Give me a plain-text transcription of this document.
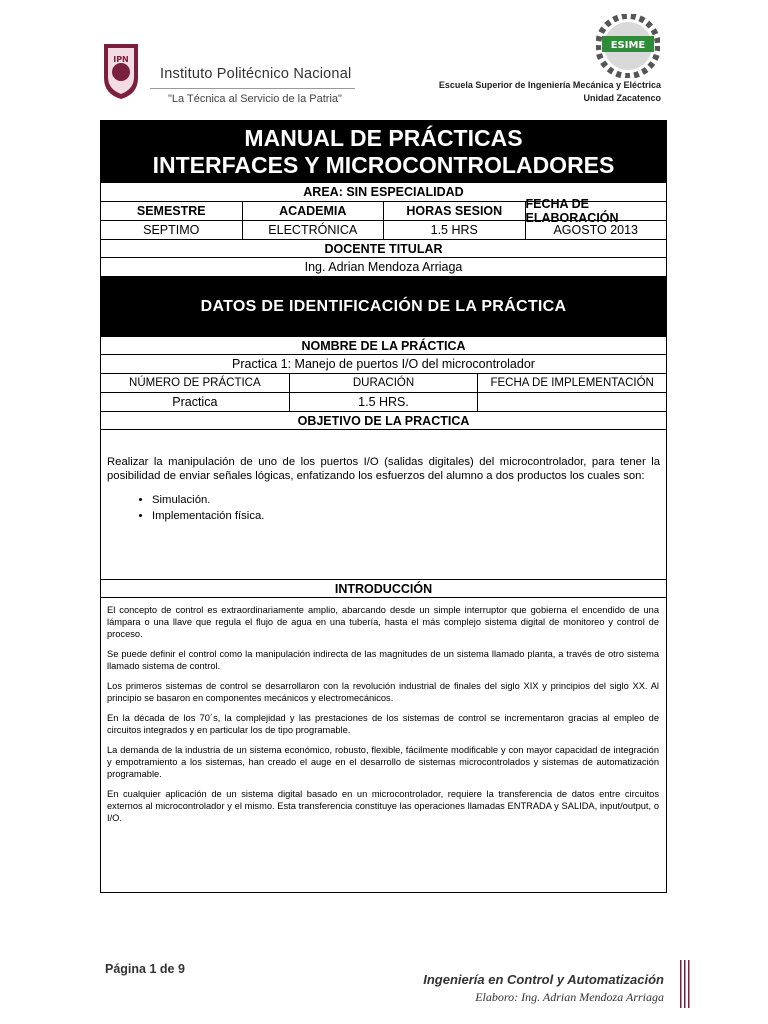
IPN
Instituto Politécnico Nacional
"La Técnica al Servicio de la Patria"
ESIME
Escuela Superior de Ingeniería Mecánica y Eléctrica
Unidad Zacatenco
MANUAL DE PRÁCTICAS
INTERFACES Y MICROCONTROLADORES
AREA: SIN ESPECIALIDAD
SEMESTRE	ACADEMIA	HORAS SESION	FECHA DE ELABORACIÓN
SEPTIMO	ELECTRÓNICA	1.5 HRS	AGOSTO 2013
DOCENTE TITULAR
Ing. Adrian Mendoza Arriaga
DATOS DE IDENTIFICACIÓN DE LA PRÁCTICA
NOMBRE DE LA PRÁCTICA
Practica 1: Manejo de puertos I/O del microcontrolador
NÚMERO DE PRÁCTICA	DURACIÓN	FECHA DE IMPLEMENTACIÓN
Practica	1.5 HRS.
OBJETIVO DE LA PRACTICA
Realizar la manipulación de uno de los puertos I/O (salidas digitales) del microcontrolador, para tener la posibilidad de enviar señales lógicas, enfatizando los esfuerzos del alumno a dos productos los cuales son:
• Simulación.
• Implementación física.
INTRODUCCIÓN

El concepto de control es extraordinariamente amplio, abarcando desde un simple interruptor que gobierna el encendido de una lámpara o una llave que regula el flujo de agua en una tubería, hasta el más complejo sistema digital de monitoreo y control de proceso.

Se puede definir el control como la manipulación indirecta de las magnitudes de un sistema llamado planta, a través de otro sistema llamado sistema de control.

Los primeros sistemas de control se desarrollaron con la revolución industrial de finales del siglo XIX y principios del siglo XX. Al principio se basaron en componentes mecánicos y electromecánicos.

En la década de los 70´s, la complejidad y las prestaciones de los sistemas de control se incrementaron gracias al empleo de circuitos integrados y en particular los de tipo programable.

La demanda de la industria de un sistema económico, robusto, flexible, fácilmente modificable y con mayor capacidad de integración y empotramiento a los sistemas, han creado el auge en el desarrollo de sistemas microcontrolados y sistemas de automatización programable.

En cualquier aplicación de un sistema digital basado en un microcontrolador, requiere la transferencia de datos entre circuitos externos al microcontrolador y el mismo. Esta transferencia constituye las operaciones llamadas ENTRADA y SALIDA, input/output, o I/O.

Página 1 de 9
Ingeniería en Control y Automatización
Elaboro: Ing. Adrian Mendoza Arriaga
